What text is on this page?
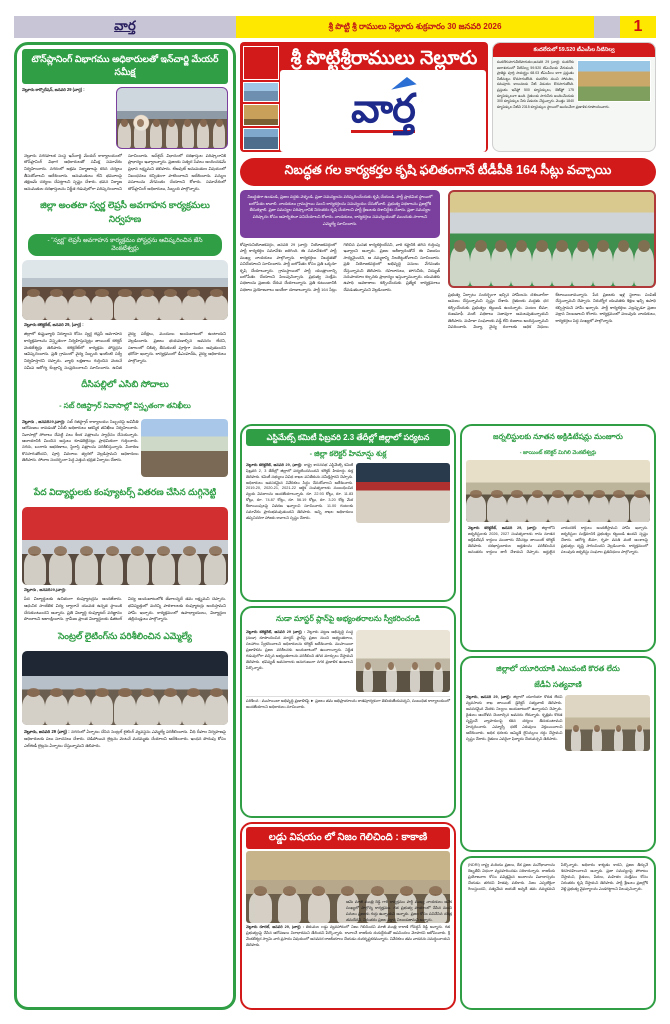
వార్త	శ్రీ పొట్టి శ్రీ రాములు నెల్లూరు శుక్రవారం 30 జనవరి 2026	1
టౌన్‌ప్లానింగ్ విభాగము అధికారులతో ఇన్‌చార్జి మేయర్ సమీక్ష
నెల్లూరు కార్పొరేషన్, జనవరి 29 (వార్త) :
నెల్లూరు నగరపాలక సంస్థ ఇన్‌చార్జి మేయర్ కార్యాలయంలో టౌన్‌ప్లానింగ్ విభాగ అధికారులతో సమీక్ష సమావేశం నిర్వహించారు. నగరంలో అక్రమ నిర్మాణాలపై కఠిన చర్యలు తీసుకోవాలని ఆదేశించారు. అనుమతులు లేని భవనాలపై తక్షణమే చర్యలు చేపట్టాలని స్పష్టం చేశారు. భవన నిర్మాణ అనుమతుల దరఖాస్తులను నిర్ణీత గడువులోగా పరిష్కరించాలని సూచించారు. ఆన్‌లైన్ విధానంలో దరఖాస్తుల పరిష్కారానికి ప్రాధాన్యం ఇవ్వాలన్నారు. ప్రజలకు సత్వర సేవలు అందించడమే ప్రధాన లక్ష్యమని తెలిపారు. లేఅవుట్ అనుమతుల విషయంలో నిబంధనలు కచ్చితంగా పాటించాలని ఆదేశించారు. పన్నుల వసూలును వేగవంతం చేయాలని కోరారు. సమావేశంలో టౌన్‌ప్లానింగ్ అధికారులు, సిబ్బంది పాల్గొన్నారు.
జిల్లా అంతటా స్వర్ణ లెప్రసీ అవగాహన కార్యక్రమలు నిర్వహణ
- "స్వర్ణ" లెప్రసీ అవగాహన కార్యక్రమం పోస్టర్లను ఆవిష్కరించిన జేసి వెంకటేశ్వర్లు
నెల్లూరు కలెక్టరేట్, జనవరి 29, (వార్త) :
జిల్లాలో కుష్టువ్యాధి నిర్మూలన కోసం స్వర్ణ లెప్రసీ అవగాహన కార్యక్రమాలను విస్తృతంగా నిర్వహిస్తున్నట్లు జాయింట్ కలెక్టర్ వెంకటేశ్వర్లు తెలిపారు. కలెక్టరేట్‌లో కార్యక్రమ పోస్టర్లను ఆవిష్కరించారు. ప్రతి గ్రామంలో వైద్య సిబ్బంది ఇంటింటి సర్వే నిర్వహిస్తారని చెప్పారు. వ్యాధి లక్షణాలు గుర్తించిన వెంటనే సమీప ఆరోగ్య కేంద్రాన్ని సంప్రదించాలని సూచించారు. ఉచిత వైద్య పరీక్షలు, మందులు అందుబాటులో ఉంటాయని వెల్లడించారు. ప్రజలు భయపడాల్సిన అవసరం లేదని, సకాలంలో చికిత్స తీసుకుంటే పూర్తిగా నయం అవుతుందని భరోసా ఇచ్చారు. కార్యక్రమంలో డీఎంహెచ్ఓ, వైద్య అధికారులు పాల్గొన్నారు.
దీసిపల్లిలో ఎసిబి సోదాలు
- సబ్ రిజిస్ట్రార్ నివాసాల్లో విస్తృతంగా తనిఖీలు
నెల్లూరు , జనవరి29,(వార్త): సబ్ రిజిస్ట్రార్ కార్యాలయం సిబ్బందిపై అవినీతి ఆరోపణలు రావడంతో ఏసీబీ అధికారులు ఆకస్మిక తనిఖీలు నిర్వహించారు. నివాసాల్లో సోదాలు చేపట్టి పలు కీలక పత్రాలను స్వాధీనం చేసుకున్నారు. ఆదాయానికి మించిన ఆస్తులు కూడబెట్టినట్లు ప్రాథమికంగా గుర్తించారు. నగదు, బంగారు ఆభరణాలు, స్థిరాస్తి పత్రాలను పరిశీలిస్తున్నారు. విచారణ కొనసాగుతోందని, పూర్తి వివరాలు త్వరలో వెల్లడిస్తామని అధికారులు తెలిపారు. సోదాల సందర్భంగా పెద్ద ఎత్తున భద్రత ఏర్పాటు చేశారు.
పేద విద్యార్థులకు కంప్యూటర్స్ వితరణ చేసిన దుగ్గినెట్టి
నెల్లూరు , జనవరి29,(వార్త):
పేద విద్యార్థులకు ఉచితంగా కంప్యూటర్లను అందజేశారు. ఆధునిక సాంకేతిక విద్య ద్వారానే యువత ఉన్నత స్థాయికి చేరుకుంటుందని అన్నారు. ప్రతి విద్యార్థి కంప్యూటర్ పరిజ్ఞానం పొందాలని ఆకాంక్షించారు. గ్రామీణ ప్రాంత విద్యార్థులకు డిజిటల్ విద్య అందుబాటులోకి తేవాలన్నదే తమ లక్ష్యమని చెప్పారు. భవిష్యత్తులో మరిన్ని పాఠశాలలకు కంప్యూటర్లు అందిస్తామని హామీ ఇచ్చారు. కార్యక్రమంలో ఉపాధ్యాయులు, విద్యార్థుల తల్లిదండ్రులు పాల్గొన్నారు.
సెంట్రల్ లైటింగ్‌ను పరిశీలించిన ఎమ్మెల్యే
నెల్లూరు, జనవరి 29 (వార్త) : నగరంలో ఏర్పాటు చేసిన సెంట్రల్ లైటింగ్ వ్యవస్థను ఎమ్మెల్యే పరిశీలించారు. వీధి దీపాల నిర్వహణపై అధికారులకు పలు సూచనలు చేశారు. చెడిపోయిన లైట్లను వెంటనే మరమ్మతు చేయాలని ఆదేశించారు. ఇంధన పొదుపు కోసం ఎల్ఈడీ లైట్లను ఏర్పాటు చేస్తున్నామని తెలిపారు.
శ్రీ పొట్టిశ్రీరాములు నెల్లూరు
వార్త
కందలేరులో 59.520 టీఎంసీల నీటినిల్వ
కందలేరుసాగునీటిపారుదల,జనవరి 29 (వార్త): కందలేరు జలాశయంలో నీటినిల్వ 59.520 టీఎంసీలకు చేరుకుంది. ప్రాజెక్టు పూర్తి సామర్థ్యం 68.03 టీఎంసీలు కాగా ప్రస్తుతం నీటిమట్టం కొనసాగుతోంది. కందలేరు నుంచి సోమశిల, కనుపూరు కాలువలకు నీటి విడుదల కొనసాగుతోంది. ప్రస్తుతం ఇన్‌ఫ్లో 500 క్యూసెక్కులు, ఔట్‌ఫ్లో 175 క్యూసెక్కులుగా ఉంది. రైతులకు సాగునీరు అందించేందుకు 300 క్యూసెక్కుల నీరు విడుదల చేస్తున్నారు. మొత్తం 1840 క్యూసెక్కుల నీటిని 2315 క్యూసెక్కుల స్థాయిలో అందించేలా ప్రణాళిక రూపొందించారు.
నిబద్ధత గల కార్యకర్తల కృషి ఫలితంగానే టీడీపీకి 164 సీట్లు వచ్చాయి
నిబద్ధతగా ఉండండి, ప్రజల వద్దకు వెళ్ళండి. ప్రజా సమస్యలను పరిష్కరించేందుకు కృషి చేయండి. పార్టీ ప్రాథమిక స్థాయిలో బలోపేతం కావాలి. నాయకులు గ్రామస్థాయి నుంచి కార్యకర్తలను సమన్వయం చేసుకోవాలి. ప్రభుత్వ పథకాలను ప్రజల్లోకి తీసుకెళ్లాలి. ప్రజా సమస్యల పరిష్కారానికి నిరంతరం కృషి చేయాలని పార్టీ శ్రేణులకు దిశానిర్దేశం చేశారు. ప్రజా సమస్యల పరిష్కారం కోసం అహర్నిశలూ పనిచేయాలని కోరారు. నాయకులు, కార్యకర్తలు సమన్వయంతో ముందుకు సాగాలని ఎమ్మెల్యే సూచించారు.
కోవూరునియోజకవర్గం, జనవరి 29 (వార్త): నియోజకవర్గంలో పార్టీ కార్యకర్తల సమావేశం జరిగింది. ఈ సమావేశంలో పార్టీ ముఖ్య నాయకులు పాల్గొన్నారు. కార్యకర్తలు నిబద్ధతతో పనిచేయాలని సూచించారు. పార్టీ బలోపేతం కోసం ప్రతి ఒక్కరూ కృషి చేయాలన్నారు. గ్రామస్థాయిలో పార్టీ యంత్రాంగాన్ని బలోపేతం చేయాలని పిలుపునిచ్చారు. ప్రభుత్వ సంక్షేమ పథకాలను ప్రజలకు చేరువ చేయాలన్నారు. ప్రతి కుటుంబానికి పథకాల ప్రయోజనాలు అందేలా చూడాలన్నారు. పార్టీ 164 సీట్లు గెలిచిన ఘనత కార్యకర్తలదేనని, వారి కష్టానికి తగిన గుర్తింపు ఇవ్వాలని అన్నారు. ప్రజల ఆశీర్వాదంతోనే ఈ విజయం సాధ్యమైందని, ఆ నమ్మకాన్ని నిలబెట్టుకోవాలని సూచించారు. ప్రతి నియోజకవర్గంలో అభివృద్ధి పనులు వేగవంతం చేస్తున్నామని తెలిపారు. రహదారులు, తాగునీరు, విద్యుత్ సదుపాయాల కల్పనకు ప్రాధాన్యం ఇస్తున్నామన్నారు. యువతకు ఉపాధి అవకాశాలు కల్పించేందుకు ప్రత్యేక కార్యక్రమాలు చేపడుతున్నామని వెల్లడించారు.
ప్రభుత్వ ఏర్పాటు సందర్భంగా ఇచ్చిన హామీలను దశలవారీగా అమలు చేస్తున్నామని స్పష్టం చేశారు. రైతులకు మద్దతు ధర కల్పించేందుకు ప్రభుత్వం కట్టుబడి ఉందన్నారు. పంటల బీమా, రుణమాఫీ వంటి పథకాలు సజావుగా అమలవుతున్నాయని తెలిపారు. మహిళా సంఘాలకు వడ్డీ లేని రుణాలు అందిస్తున్నామని వివరించారు. విద్యా, వైద్య రంగాలకు అధిక నిధులు కేటాయించామన్నారు. పేద ప్రజలకు ఇళ్ల స్థలాలు పంపిణీ చేస్తున్నామని చెప్పారు. నిరుద్యోగ యువతకు శిక్షణ ఇచ్చి ఉపాధి కల్పిస్తామని హామీ ఇచ్చారు. పార్టీ కార్యకర్తలు ఎల్లప్పుడూ ప్రజల పక్షాన నిలబడాలని కోరారు. కార్యక్రమంలో పలువురు నాయకులు, కార్యకర్తలు పెద్ద సంఖ్యలో పాల్గొన్నారు.
ఎస్టిమేట్స్ కమిటీ ఫిబ్రవరి 2.3 తేదీల్లో జిల్లాలో పర్యటన
- జిల్లా కలెక్టర్ హిమాన్షు శుక్ల
నెల్లూరు కలెక్టరేట్, జనవరి 29, (వార్త): రాష్ట్ర శాసనసభ ఎస్టిమేట్స్ కమిటీ ఫిబ్రవరి 2, 3 తేదీల్లో జిల్లాలో పర్యటించనుందని కలెక్టర్ హిమాన్షు శుక్ల తెలిపారు. కమిటీ సభ్యులు వివిధ శాఖల పనితీరును సమీక్షిస్తారని చెప్పారు. అధికారులు అవసరమైన నివేదికలు సిద్ధం చేసుకోవాలని ఆదేశించారు. 2019-20, 2020-21, 2021-22 ఆర్థిక సంవత్సరాలకు సంబంధించిన వ్యయ వివరాలను అందజేయాలన్నారు. రూ. 22.93 కోట్లు, రూ. 11.83 కోట్లు, రూ. 74.87 కోట్లు, రూ. 56.19 కోట్లు, రూ. 3.20 కోట్ల మేర కేటాయింపులపై వివరణ ఇవ్వాలని సూచించారు. 11.00 గంటలకు సమావేశం ప్రారంభమవుతుందని తెలిపారు. అన్ని శాఖల అధికారులు తప్పనిసరిగా హాజరు కావాలని స్పష్టం చేశారు.
నుడా మాస్టర్ ప్లాన్‌పై అభ్యంతరాలను స్వీకరించండి
నెల్లూరు కలెక్టరేట్, జనవరి 29 (వార్త) : నెల్లూరు పట్టణ అభివృద్ధి సంస్థ (నుడా) రూపొందించిన మాస్టర్ ప్లాన్‌పై ప్రజల నుంచి అభ్యంతరాలు, సలహాలు స్వీకరించాలని అధికారులను కలెక్టర్ ఆదేశించారు. ముసాయిదా ప్రణాళికను ప్రజల పరిశీలనకు అందుబాటులో ఉంచాలన్నారు. నిర్ణీత గడువులోగా వచ్చిన అభ్యంతరాలను పరిశీలించి తగిన మార్పులు చేస్తామని తెలిపారు. భవిష్యత్ అవసరాలకు అనుగుణంగా నగర ప్రణాళిక ఉండాలని పేర్కొన్నారు.
పరిశీలన : ముసాయిదా అభివృద్ధి ప్రణాళికపై ► ప్రజలు తమ అభిప్రాయాలను రాతపూర్వకంగా తెలియజేయవచ్చని, సంబంధిత కార్యాలయంలో అందజేయాలని అధికారులు సూచించారు.
లడ్డు విషయం లో నిజం గెలిచింది : కాకాణి
నెల్లూరు రూరల్, జనవరి 29, (వార్త) : తిరుమల లడ్డు వ్యవహారంలో నిజం గెలిచిందని మాజీ మంత్రి కాకాణి గోవర్ధన్ రెడ్డి అన్నారు. గత ప్రభుత్వంపై చేసిన ఆరోపణలు నిరాధారమని తేలిందని పేర్కొన్నారు. కావాలనే రాజకీయ దురుద్దేశంతో అపనిందలు మోపారని ఆరోపించారు. శ్రీ వేంకటేశ్వర స్వామి వారి ప్రసాదం విషయంలో అనవసర రాజకీయాలు చేయడం దురదృష్టకరమన్నారు. నివేదికలు తమ వాదనను సమర్థించాయని తెలిపారు.
జర్నలిస్టులకు నూతన అక్రిడిటేషన్లు మంజూరు
- జాయింట్ కలెక్టర్ మిగిలి వెంకటేశ్వర్లు
నెల్లూరు కలెక్టరేట్, జనవరి 29, (వార్త): జిల్లాలోని జర్నలిస్టులకు 2026, 2027 సంవత్సరాలకు గాను నూతన అక్రిడిటేషన్ కార్డులు మంజూరు చేసినట్లు జాయింట్ కలెక్టర్ తెలిపారు. దరఖాస్తుదారుల అర్హతలను పరిశీలించిన అనంతరం కార్డులు జారీ చేశామని చెప్పారు. అర్హులైన వారందరికీ కార్డులు అందజేస్తామని హామీ ఇచ్చారు. జర్నలిస్టుల సంక్షేమానికి ప్రభుత్వం కట్టుబడి ఉందని స్పష్టం చేశారు. ఆరోగ్య బీమా, గృహ వసతి వంటి అంశాలపై ప్రభుత్వం దృష్టి సారించిందని వెల్లడించారు. కార్యక్రమంలో పలువురు జర్నలిస్టు సంఘాల ప్రతినిధులు పాల్గొన్నారు.
జిల్లాలో యూరియాకి ఎటువంటి కొరత లేదు
జేడీఏ సత్యవాణి
నెల్లూరు, జనవరి 29, (వార్త): జిల్లాలో యూరియా కొరత లేదని వ్యవసాయ శాఖ జాయింట్ డైరెక్టర్ సత్యవాణి తెలిపారు. అవసరమైన మేరకు నిల్వలు అందుబాటులో ఉన్నాయని చెప్పారు. రైతులు ఆందోళన చెందాల్సిన అవసరం లేదన్నారు. కృత్రిమ కొరత సృష్టించే వ్యాపారులపై కఠిన చర్యలు తీసుకుంటామని హెచ్చరించారు. ఎమ్మార్పీ ధరకే ఎరువులు విక్రయించాలని ఆదేశించారు. అధిక ధరలకు అమ్మితే లైసెన్సులు రద్దు చేస్తామని స్పష్టం చేశారు. రైతులు ఎవరైనా ఫిర్యాదు చేయవచ్చని తెలిపారు.
(NDRI) రాష్ట్ర మరియు ప్రజలు, దేశ ప్రజల మనోభావాలను దెబ్బతీసే విధంగా వ్యవహరించడం సరికాదన్నారు. రాజకీయ ప్రయోజనాల కోసం పవిత్రమైన అంశాలను వివాదాస్పదం చేయడం తగదని హితవు పలికారు. నిజం ఎప్పటికైనా గెలుస్తుందని, సత్యమేవ జయతే అన్నదే తమ నమ్మకమని పేర్కొన్నారు. అధికారం శాశ్వతం కాదని, ప్రజల తీర్పునే శిరసావహించాలని అన్నారు. ప్రజా సమస్యలపై పోరాటం చేస్తామని, రైతులు, పేదలు, మహిళల సంక్షేమం కోసం నిరంతరం కృషి చేస్తామని తెలిపారు. పార్టీ శ్రేణులు ప్రజల్లోకి వెళ్లి ప్రభుత్వ వైఫల్యాలను ఎండగట్టాలని పిలుపునిచ్చారు.
ఆమె మాజీ మంత్రి రెడ్డి గారి కార్యక్రమం పార్టీ ముఖ్య నాయకులు అనేక సంఖ్యలో పాల్గొన్న కార్యక్రమం. గత ప్రభుత్వ హయాంలో చేసిన మంచి పనులు ప్రజలకు గుర్తు ఉన్నాయని అన్నారు. ప్రజల కోసం పనిచేసిన చరిత్ర తమదేనని, నిరంతరం ప్రజల పక్షాన నిలబడతామని అన్నారు.
